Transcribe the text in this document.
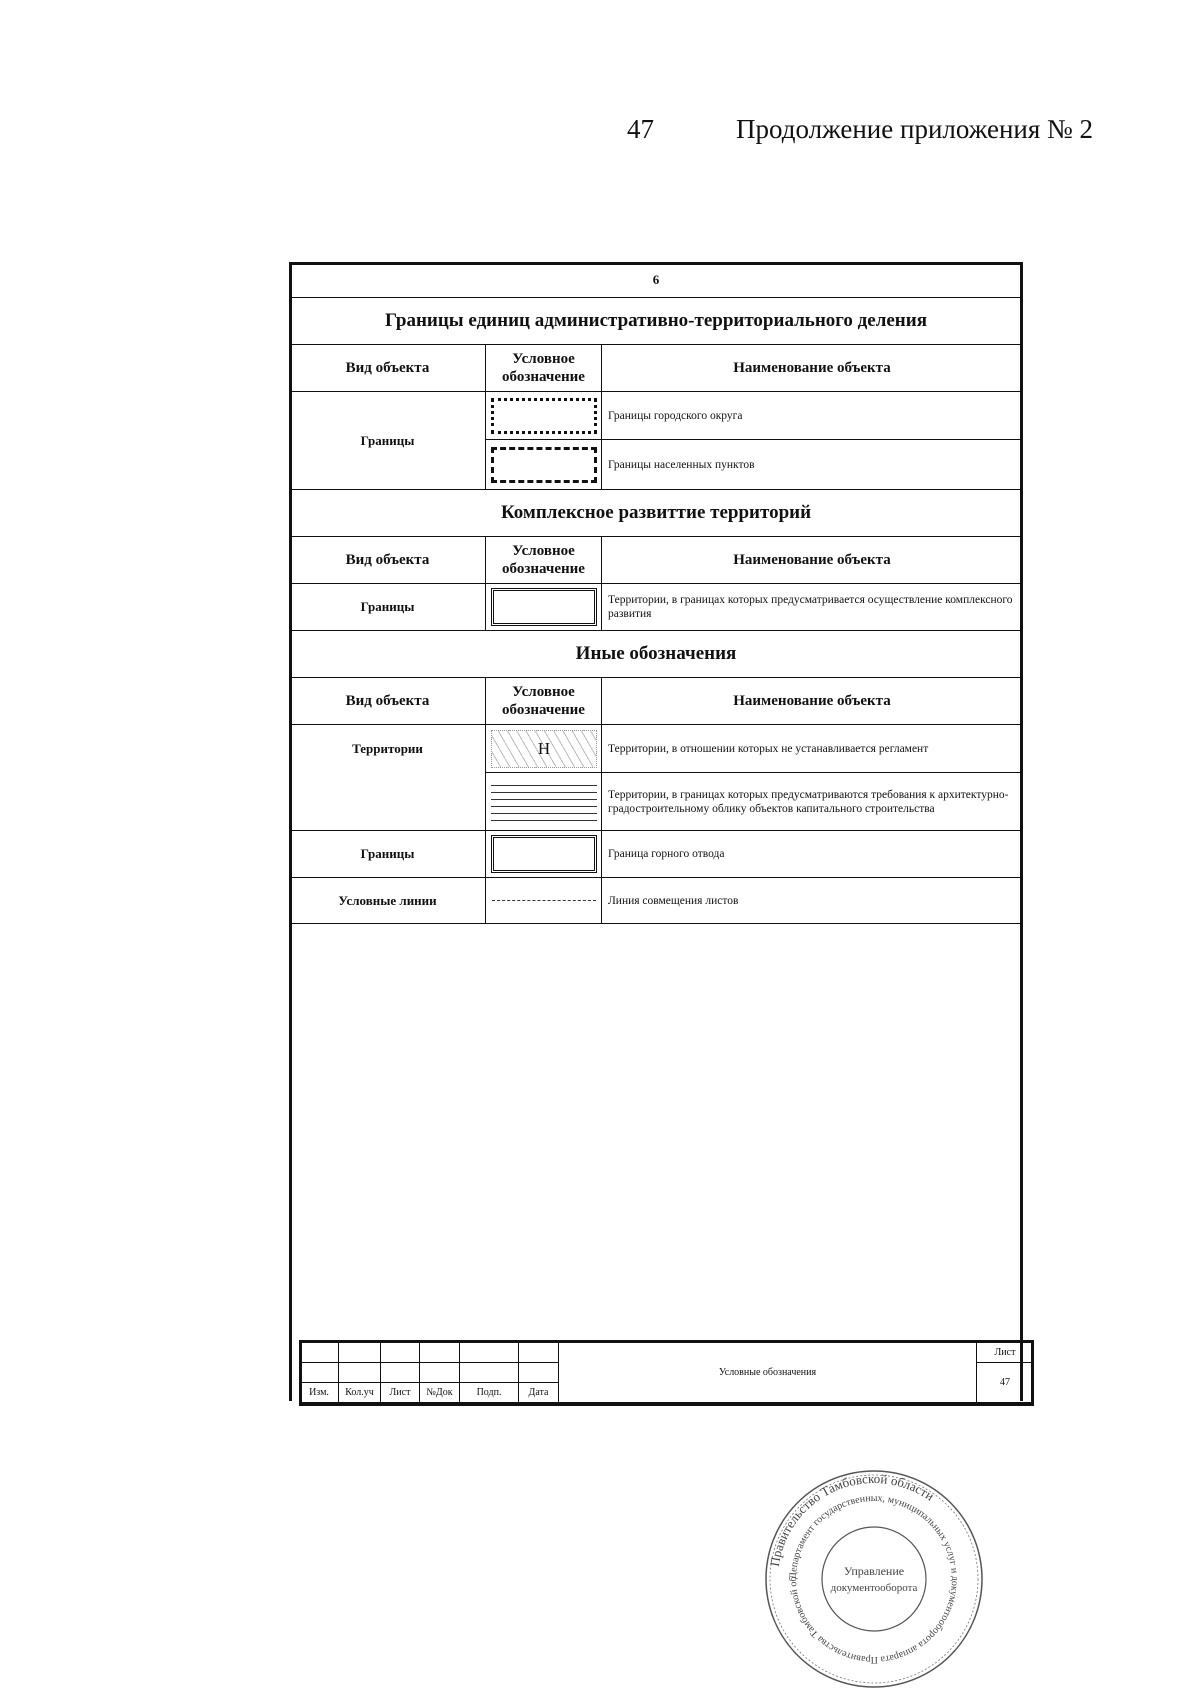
47	Продолжение приложения № 2
6		
Границы единиц административно-территориального деления		
Вид объекта	Условное обозначение	Наименование объекта
Границы		Границы городского округа

		Границы населенных пунктов
Комплексное развиттие территорий		
Вид объекта	Условное обозначение	Наименование объекта
Границы		Территории, в границах которых предусматривается осуществление комплексного развития
Иные обозначения		
Вид объекта	Условное обозначение	Наименование объекта
Территории	Н	Территории, в отношении которых не устанавливается регламент

		Территории, в границах которых предусматриваются требования к архитектурно-градостроительному облику объектов капитального строительства
Границы		Граница горного отвода
Условные линии		Линия совмещения листов
						Условные обозначения	Лист
							47
Изм.	Кол.уч	Лист	№Док	Подп.	Дата		
Правительство Тамбовской области
Департамент государственных, муниципальных услуг и документооборота аппарата Правительства Тамбовской об
Управление
документооборота
